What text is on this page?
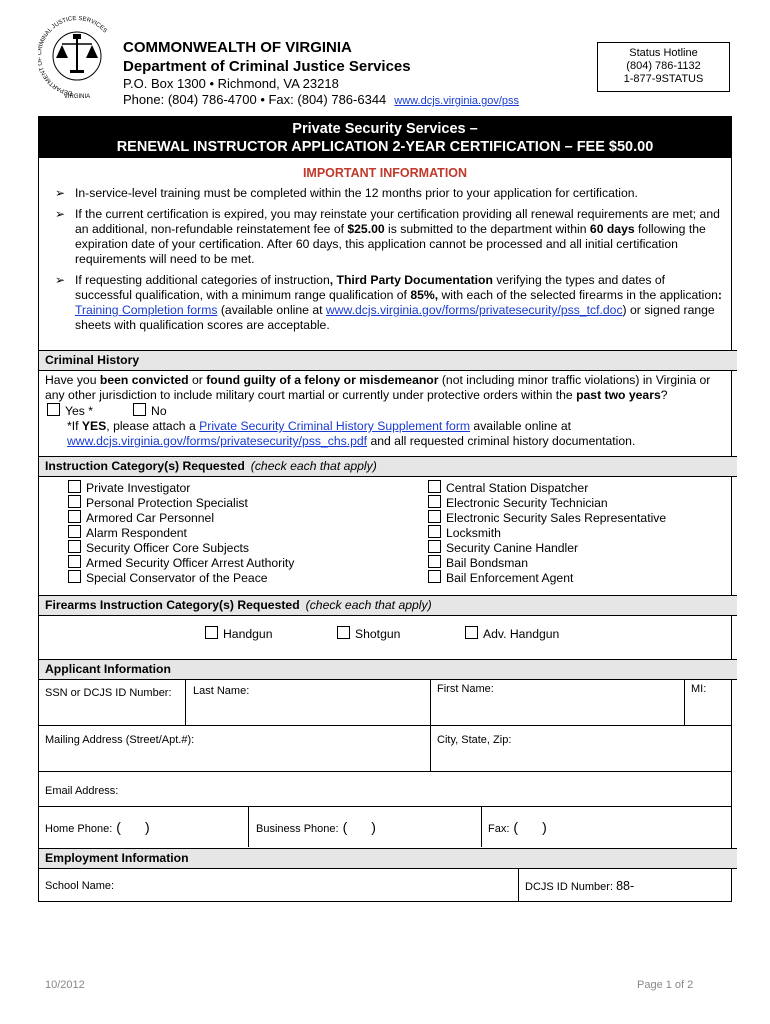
DEPARTMENT O RIMINAL JUSTICE SERVICES
VIRGINIA
COMMONWEALTH OF VIRGINIA
Department of Criminal Justice Services
P.O. Box 1300 • Richmond, VA 23218
Phone: (804) 786-4700 • Fax: (804) 786-6344 www.dcjs.virginia.gov/pss
Status Hotline
(804) 786-1132
1-877-9STATUS
Private Security Services –
RENEWAL INSTRUCTOR APPLICATION 2-YEAR CERTIFICATION – FEE $50.00
IMPORTANT INFORMATION
➢ In-service-level training must be completed within the 12 months prior to your application for certification.
➢ If the current certification is expired, you may reinstate your certification providing all renewal requirements are met; and an additional, non-refundable reinstatement fee of $25.00 is submitted to the department within 60 days following the expiration date of your certification. After 60 days, this application cannot be processed and all initial certification requirements will need to be met.
➢ If requesting additional categories of instruction, Third Party Documentation verifying the types and dates of successful qualification, with a minimum range qualification of 85%, with each of the selected firearms in the application: Training Completion forms (available online at www.dcjs.virginia.gov/forms/privatesecurity/pss_tcf.doc) or signed range sheets with qualification scores are acceptable.
Criminal History
Have you been convicted or found guilty of a felony or misdemeanor (not including minor traffic violations) in Virginia or any other jurisdiction to include military court martial or currently under protective orders within the past two years?
Yes *	No
*If YES, please attach a Private Security Criminal History Supplement form available online at
www.dcjs.virginia.gov/forms/privatesecurity/pss_chs.pdf and all requested criminal history documentation.
Instruction Category(s) Requested (check each that apply)
Private Investigator
Personal Protection Specialist
Armored Car Personnel
Alarm Respondent
Security Officer Core Subjects
Armed Security Officer Arrest Authority
Special Conservator of the Peace
Central Station Dispatcher
Electronic Security Technician
Electronic Security Sales Representative
Locksmith
Security Canine Handler
Bail Bondsman
Bail Enforcement Agent
Firearms Instruction Category(s) Requested (check each that apply)
Handgun	Shotgun	Adv. Handgun
Applicant Information
SSN or DCJS ID Number: Last Name:	First Name:	MI:
Mailing Address (Street/Apt.#):	City, State, Zip:
Email Address:
Home Phone: ( )	Business Phone: ( )	Fax: ( )
Employment Information
School Name:	DCJS ID Number: 88-
10/2012	Page 1 of 2
